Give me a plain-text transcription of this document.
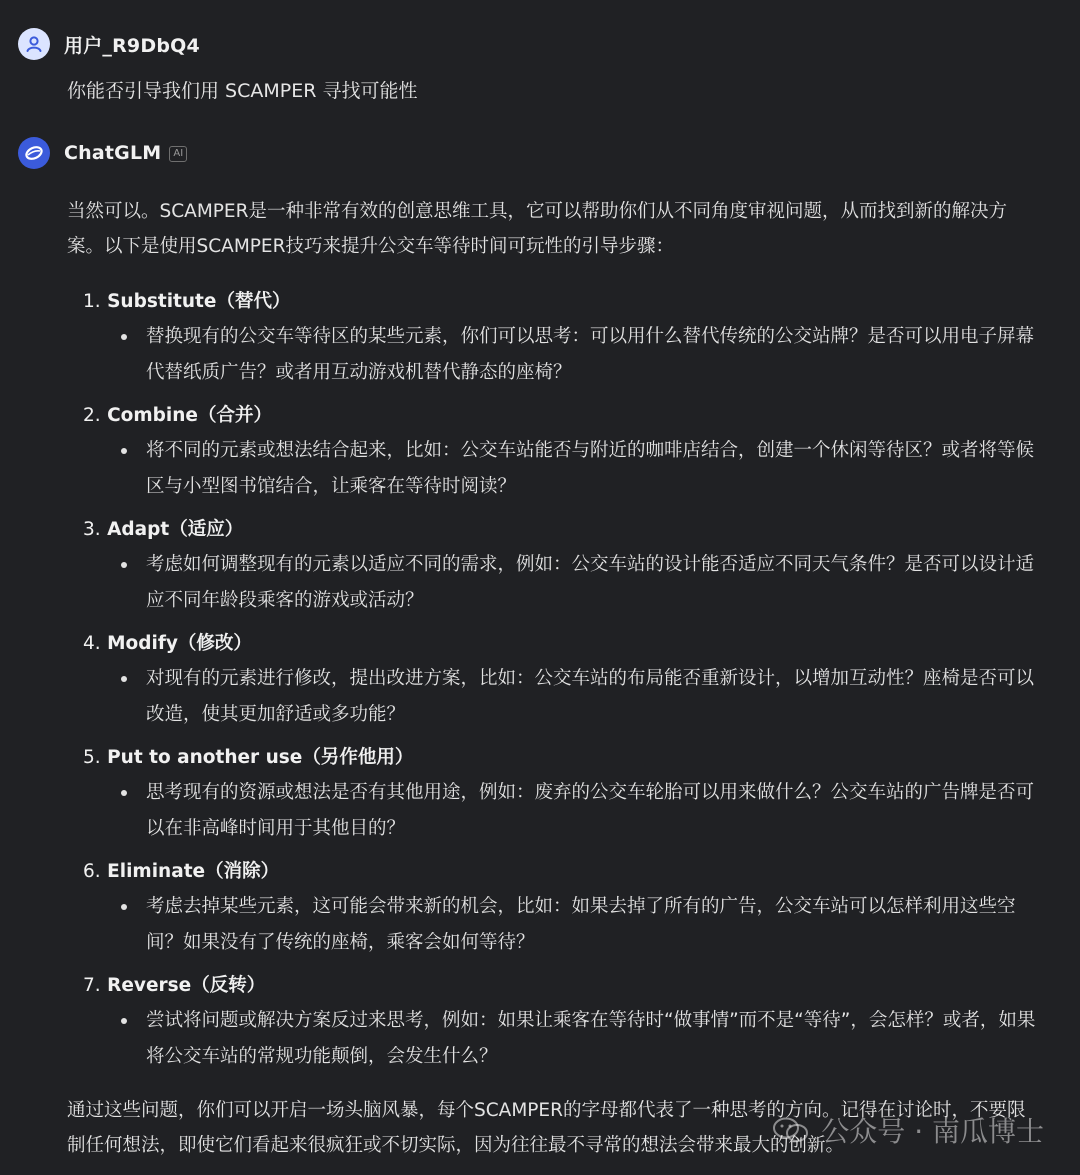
用户_R9DbQ4
你能否引导我们用 SCAMPER 寻找可能性
ChatGLM	AI

当然可以。SCAMPER是一种非常有效的创意思维工具，它可以帮助你们从不同角度审视问题，从而找到新的解决方案。以下是使用SCAMPER技巧来提升公交车等待时间可玩性的引导步骤：

1. Substitute（替代）
替换现有的公交车等待区的某些元素，你们可以思考：可以用什么替代传统的公交站牌？是否可以用电子屏幕代替纸质广告？或者用互动游戏机替代静态的座椅？
2. Combine（合并）
将不同的元素或想法结合起来，比如：公交车站能否与附近的咖啡店结合，创建一个休闲等待区？或者将等候区与小型图书馆结合，让乘客在等待时阅读？
3. Adapt（适应）
考虑如何调整现有的元素以适应不同的需求，例如：公交车站的设计能否适应不同天气条件？是否可以设计适应不同年龄段乘客的游戏或活动？
4. Modify（修改）
对现有的元素进行修改，提出改进方案，比如：公交车站的布局能否重新设计，以增加互动性？座椅是否可以改造，使其更加舒适或多功能？
5. Put to another use（另作他用）
思考现有的资源或想法是否有其他用途，例如：废弃的公交车轮胎可以用来做什么？公交车站的广告牌是否可以在非高峰时间用于其他目的？
6. Eliminate（消除）
考虑去掉某些元素，这可能会带来新的机会，比如：如果去掉了所有的广告，公交车站可以怎样利用这些空间？如果没有了传统的座椅，乘客会如何等待？
7. Reverse（反转）
尝试将问题或解决方案反过来思考，例如：如果让乘客在等待时“做事情”而不是“等待”，会怎样？或者，如果将公交车站的常规功能颠倒，会发生什么？

通过这些问题，你们可以开启一场头脑风暴，每个SCAMPER的字母都代表了一种思考的方向。记得在讨论时，不要限制任何想法，即使它们看起来很疯狂或不切实际，因为往往最不寻常的想法会带来最大的创新。

公众号 · 南瓜博士
